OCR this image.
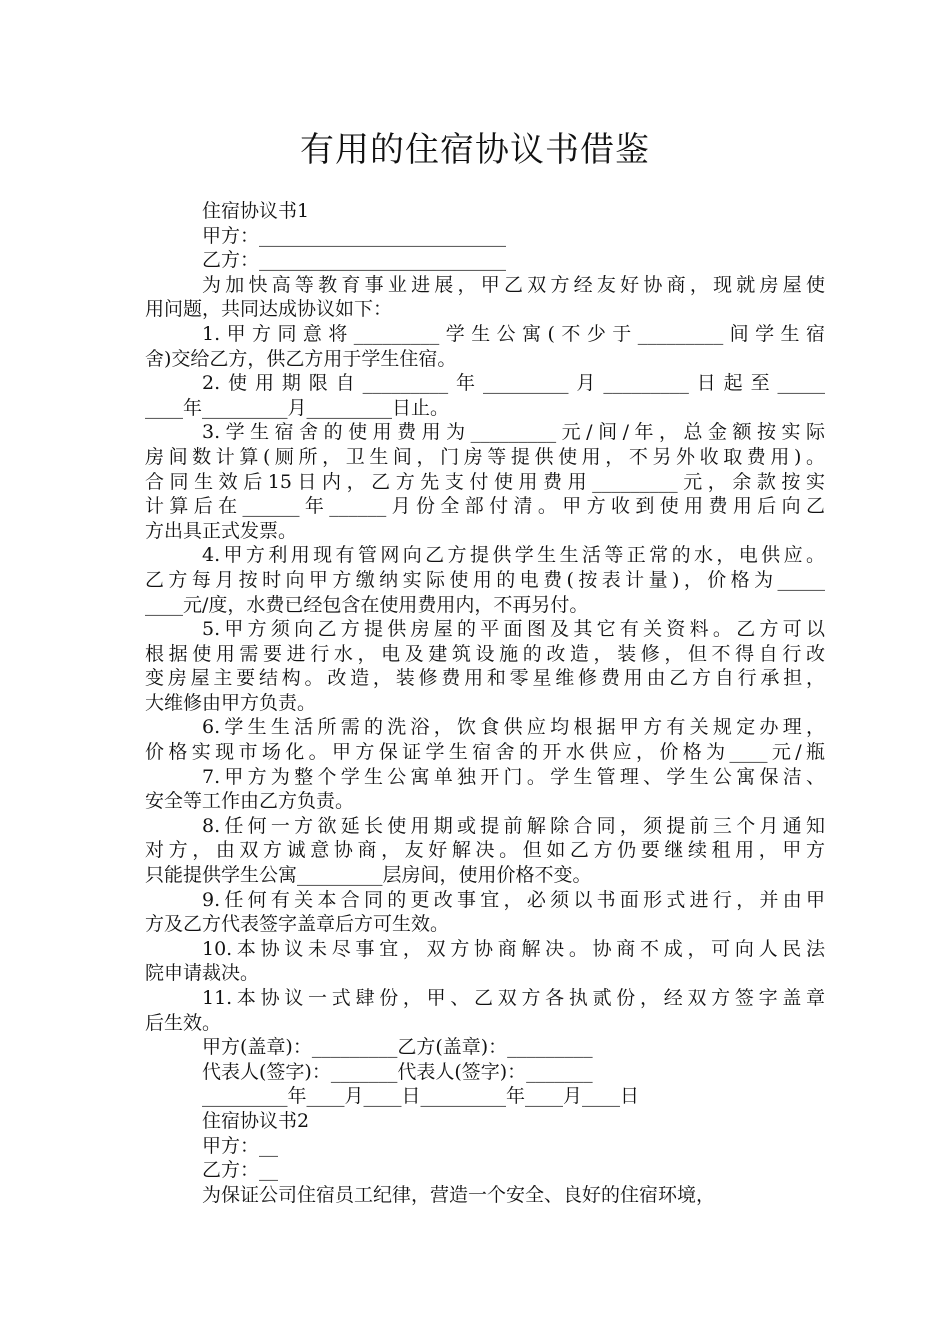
有用的住宿协议书借鉴
住宿协议书1
甲方：__________________________
乙方：__________________________
为加快高等教育事业进展，甲乙双方经友好协商，现就房屋使
用问题，共同达成协议如下：
1.甲方同意将_________学生公寓(不少于_________间学生宿
舍)交给乙方，供乙方用于学生住宿。
2.使用期限自_________年_________月_________日起至_____
____年_________月_________日止。
3.学生宿舍的使用费用为_________元/间/年，总金额按实际
房间数计算(厕所，卫生间，门房等提供使用，不另外收取费用)。
合同生效后15日内，乙方先支付使用费用_________元，余款按实
计算后在______年______月份全部付清。甲方收到使用费用后向乙
方出具正式发票。
4.甲方利用现有管网向乙方提供学生生活等正常的水，电供应。
乙方每月按时向甲方缴纳实际使用的电费(按表计量)，价格为_____
____元/度，水费已经包含在使用费用内，不再另付。
5.甲方须向乙方提供房屋的平面图及其它有关资料。乙方可以
根据使用需要进行水，电及建筑设施的改造，装修，但不得自行改
变房屋主要结构。改造，装修费用和零星维修费用由乙方自行承担，
大维修由甲方负责。
6.学生生活所需的洗浴，饮食供应均根据甲方有关规定办理，
价格实现市场化。甲方保证学生宿舍的开水供应，价格为____元/瓶
7.甲方为整个学生公寓单独开门。学生管理、学生公寓保洁、
安全等工作由乙方负责。
8.任何一方欲延长使用期或提前解除合同，须提前三个月通知
对方，由双方诚意协商，友好解决。但如乙方仍要继续租用，甲方
只能提供学生公寓_________层房间，使用价格不变。
9.任何有关本合同的更改事宜，必须以书面形式进行，并由甲
方及乙方代表签字盖章后方可生效。
10.本协议未尽事宜，双方协商解决。协商不成，可向人民法
院申请裁决。
11.本协议一式肆份，甲、乙双方各执贰份，经双方签字盖章
后生效。
甲方(盖章)：_________乙方(盖章)：_________
代表人(签字)：_______代表人(签字)：_______
_________年____月____日_________年____月____日
住宿协议书2
甲方：__
乙方：__
为保证公司住宿员工纪律，营造一个安全、良好的住宿环境，
